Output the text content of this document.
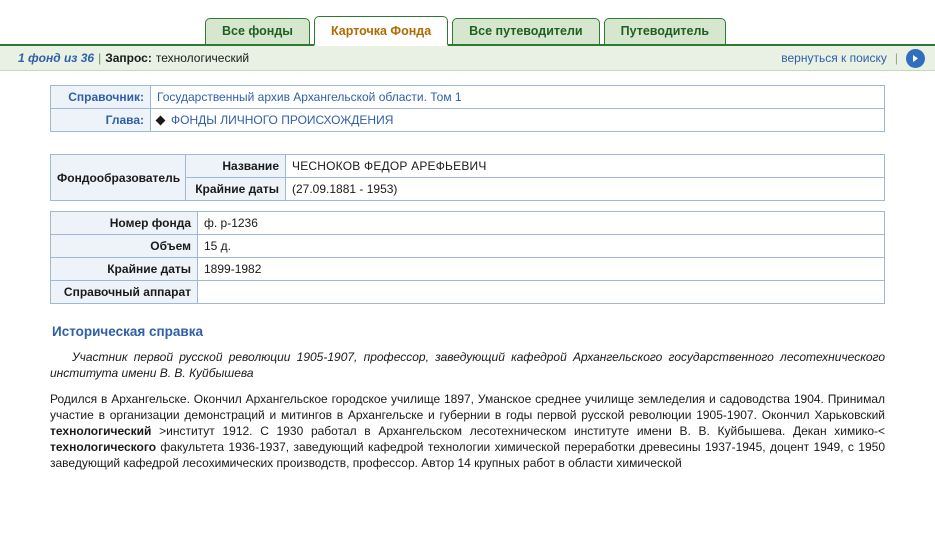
Все фонды	Карточка Фонда	Все путеводители	Путеводитель
1 фонд из 36 | Запрос: технологический	вернуться к поиску |
Справочник:	Государственный архив Архангельской области. Том 1
Глава:	ФОНДЫ ЛИЧНОГО ПРОИСХОЖДЕНИЯ
Фондообразователь	Название	ЧЕСНОКОВ ФЕДОР АРЕФЬЕВИЧ
	Крайние даты	(27.09.1881 - 1953)
Номер фонда	ф. р-1236
Объем	15 д.
Крайние даты	1899-1982
Справочный аппарат	
Историческая справка

Участник первой русской революции 1905-1907, профессор, заведующий кафедрой Архангельского государственного лесотехнического института имени В. В. Куйбышева

Родился в Архангельске. Окончил Архангельское городское училище 1897, Уманское среднее училище земледелия и садоводства 1904. Принимал участие в организации демонстраций и митингов в Архангельске и губернии в годы первой русской революции 1905-1907. Окончил Харьковский технологический >институт 1912. С 1930 работал в Архангельском лесотехническом институте имени В. В. Куйбышева. Декан химико-< технологического факультета 1936-1937, заведующий кафедрой технологии химической переработки древесины 1937-1945, доцент 1949, с 1950 заведующий кафедрой лесохимических производств, профессор. Автор 14 крупных работ в области химической
